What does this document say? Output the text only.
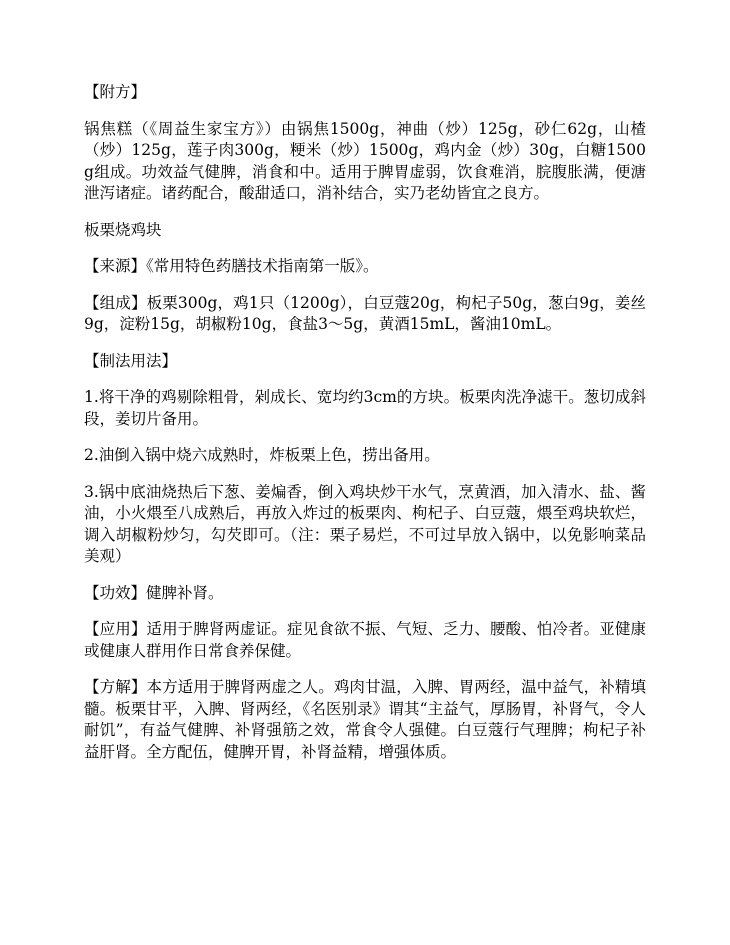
【附方】

锅焦糕（《周益生家宝方》）由锅焦1500g，神曲（炒）125g，砂仁62g，山楂（炒）125g，莲子肉300g，粳米（炒）1500g，鸡内金（炒）30g，白糖1500g组成。功效益气健脾，消食和中。适用于脾胃虚弱，饮食难消，脘腹胀满，便溏泄泻诸症。诸药配合，酸甜适口，消补结合，实乃老幼皆宜之良方。

板栗烧鸡块

【来源】《常用特色药膳技术指南第一版》。

【组成】板栗300g，鸡1只（1200g），白豆蔻20g，枸杞子50g，葱白9g，姜丝9g，淀粉15g，胡椒粉10g，食盐3～5g，黄酒15mL，酱油10mL。

【制法用法】

1.将干净的鸡剔除粗骨，剁成长、宽均约3cm的方块。板栗肉洗净滤干。葱切成斜段，姜切片备用。

2.油倒入锅中烧六成熟时，炸板栗上色，捞出备用。

3.锅中底油烧热后下葱、姜煸香，倒入鸡块炒干水气，烹黄酒，加入清水、盐、酱油，小火煨至八成熟后，再放入炸过的板栗肉、枸杞子、白豆蔻，煨至鸡块软烂，调入胡椒粉炒匀，勾芡即可。（注：栗子易烂，不可过早放入锅中，以免影响菜品美观）

【功效】健脾补肾。

【应用】适用于脾肾两虚证。症见食欲不振、气短、乏力、腰酸、怕冷者。亚健康或健康人群用作日常食养保健。

【方解】本方适用于脾肾两虚之人。鸡肉甘温，入脾、胃两经，温中益气，补精填髓。板栗甘平，入脾、肾两经，《名医别录》谓其“主益气，厚肠胃，补肾气，令人耐饥”，有益气健脾、补肾强筋之效，常食令人强健。白豆蔻行气理脾；枸杞子补益肝肾。全方配伍，健脾开胃，补肾益精，增强体质。
